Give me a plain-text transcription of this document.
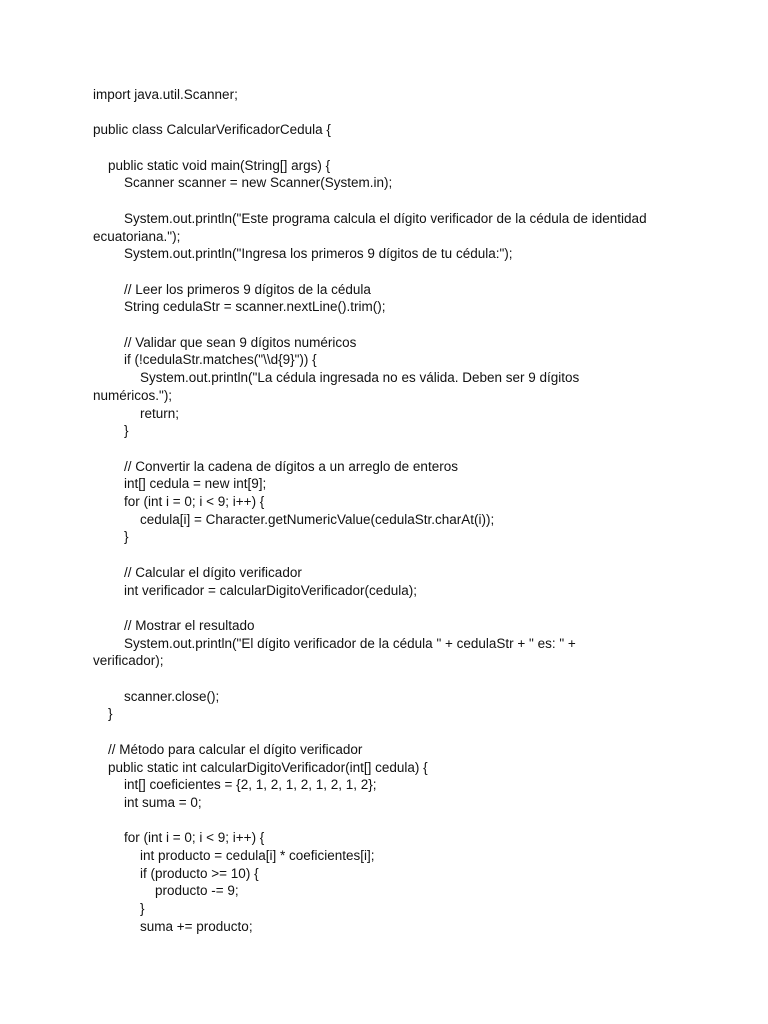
import java.util.Scanner;
public class CalcularVerificadorCedula {
public static void main(String[] args) {
Scanner scanner = new Scanner(System.in);
System.out.println("Este programa calcula el dígito verificador de la cédula de identidad
ecuatoriana.");
System.out.println("Ingresa los primeros 9 dígitos de tu cédula:");
// Leer los primeros 9 dígitos de la cédula
String cedulaStr = scanner.nextLine().trim();
// Validar que sean 9 dígitos numéricos
if (!cedulaStr.matches("\\d{9}")) {
System.out.println("La cédula ingresada no es válida. Deben ser 9 dígitos
numéricos.");
return;
}
// Convertir la cadena de dígitos a un arreglo de enteros
int[] cedula = new int[9];
for (int i = 0; i < 9; i++) {
cedula[i] = Character.getNumericValue(cedulaStr.charAt(i));
}
// Calcular el dígito verificador
int verificador = calcularDigitoVerificador(cedula);
// Mostrar el resultado
System.out.println("El dígito verificador de la cédula " + cedulaStr + " es: " +
verificador);
scanner.close();
}
// Método para calcular el dígito verificador
public static int calcularDigitoVerificador(int[] cedula) {
int[] coeficientes = {2, 1, 2, 1, 2, 1, 2, 1, 2};
int suma = 0;
for (int i = 0; i < 9; i++) {
int producto = cedula[i] * coeficientes[i];
if (producto >= 10) {
producto -= 9;
}
suma += producto;
